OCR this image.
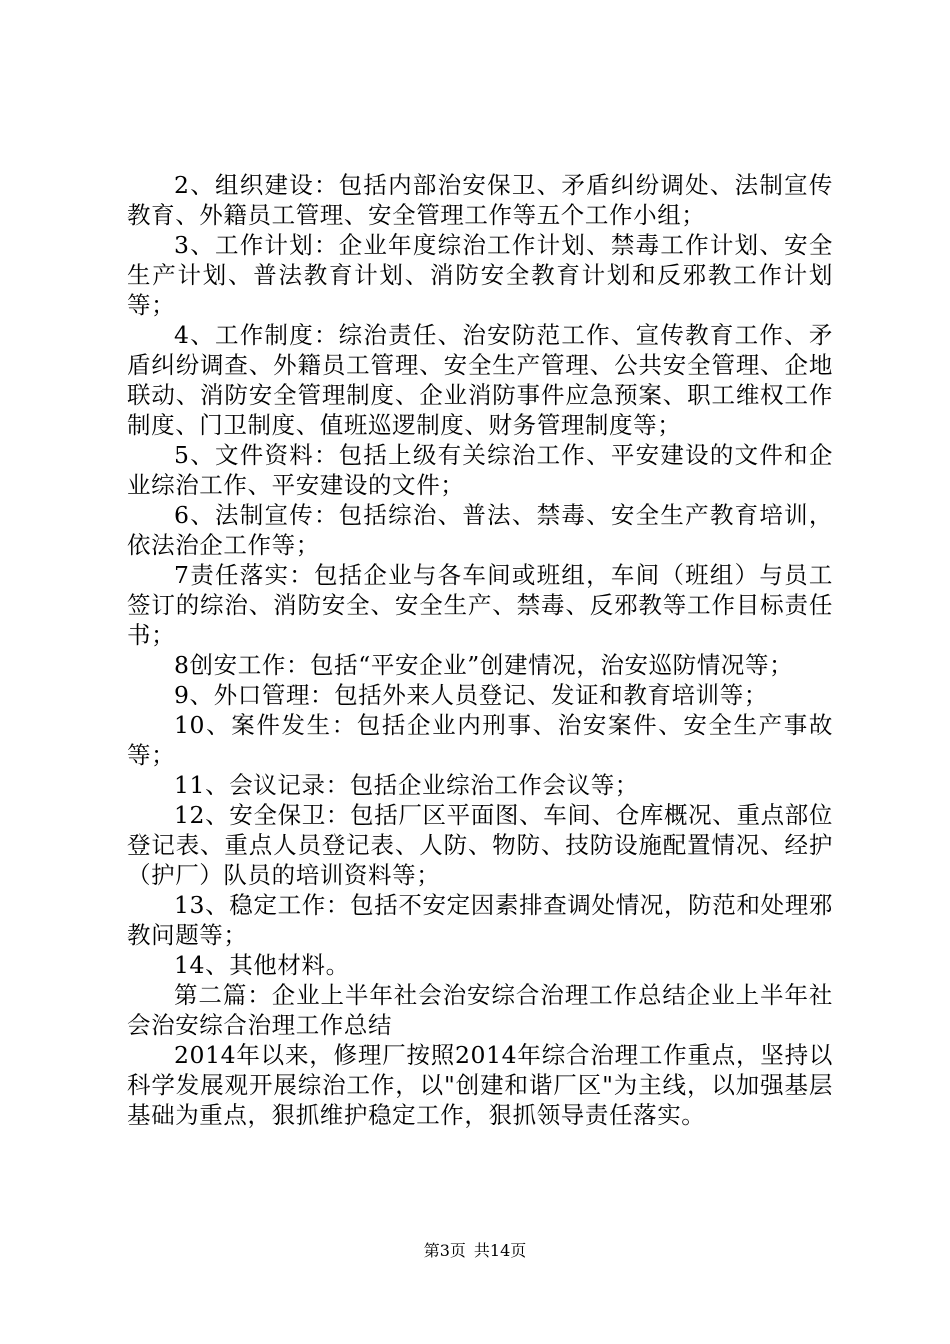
2、组织建设：包括内部治安保卫、矛盾纠纷调处、法制宣传教育、外籍员工管理、安全管理工作等五个工作小组；

3、工作计划：企业年度综治工作计划、禁毒工作计划、安全生产计划、普法教育计划、消防安全教育计划和反邪教工作计划等；

4、工作制度：综治责任、治安防范工作、宣传教育工作、矛盾纠纷调查、外籍员工管理、安全生产管理、公共安全管理、企地联动、消防安全管理制度、企业消防事件应急预案、职工维权工作制度、门卫制度、值班巡逻制度、财务管理制度等；

5、文件资料：包括上级有关综治工作、平安建设的文件和企业综治工作、平安建设的文件；

6、法制宣传：包括综治、普法、禁毒、安全生产教育培训，依法治企工作等；

7责任落实：包括企业与各车间或班组，车间（班组）与员工签订的综治、消防安全、安全生产、禁毒、反邪教等工作目标责任书；

8创安工作：包括“平安企业”创建情况，治安巡防情况等；

9、外口管理：包括外来人员登记、发证和教育培训等；

10、案件发生：包括企业内刑事、治安案件、安全生产事故等；

11、会议记录：包括企业综治工作会议等；

12、安全保卫：包括厂区平面图、车间、仓库概况、重点部位登记表、重点人员登记表、人防、物防、技防设施配置情况、经护（护厂）队员的培训资料等；

13、稳定工作：包括不安定因素排查调处情况，防范和处理邪教问题等；

14、其他材料。

第二篇：企业上半年社会治安综合治理工作总结企业上半年社会治安综合治理工作总结

2014年以来，修理厂按照2014年综合治理工作重点，坚持以科学发展观开展综治工作，以"创建和谐厂区"为主线，以加强基层基础为重点，狠抓维护稳定工作，狠抓领导责任落实。

第3页 共14页
